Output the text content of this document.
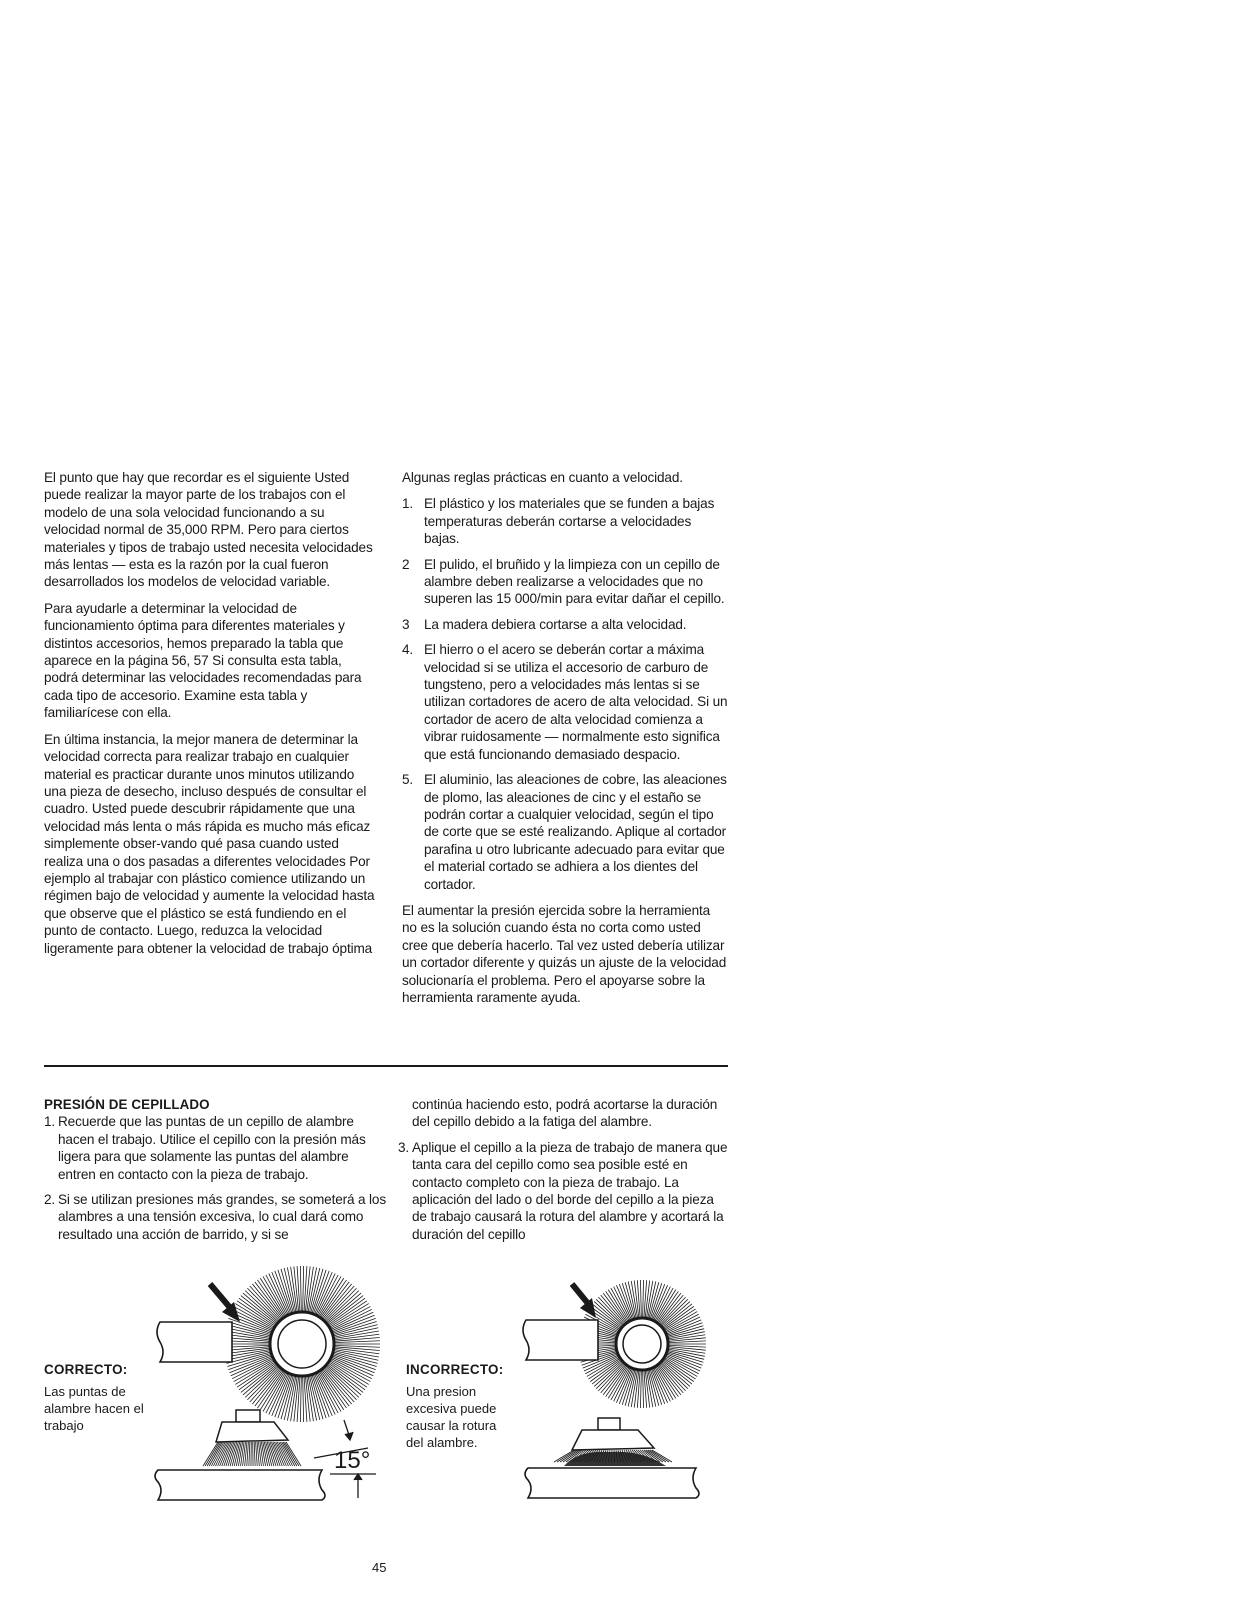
El punto que hay que recordar es el siguiente Usted puede realizar la mayor parte de los trabajos con el modelo de una sola velocidad funcionando a su velocidad normal de 35,000 RPM. Pero para ciertos materiales y tipos de trabajo usted necesita velocidades más lentas — esta es la razón por la cual fueron desarrollados los modelos de velocidad variable.

Para ayudarle a determinar la velocidad de funcionamiento óptima para diferentes materiales y distintos accesorios, hemos preparado la tabla que aparece en la página 56, 57 Si consulta esta tabla, podrá determinar las velocidades recomendadas para cada tipo de accesorio. Examine esta tabla y familiarícese con ella.

En última instancia, la mejor manera de determinar la velocidad correcta para realizar trabajo en cualquier material es practicar durante unos minutos utilizando una pieza de desecho, incluso después de consultar el cuadro. Usted puede descubrir rápidamente que una velocidad más lenta o más rápida es mucho más eficaz simplemente obser-vando qué pasa cuando usted realiza una o dos pasadas a diferentes velocidades Por ejemplo al trabajar con plástico comience utilizando un régimen bajo de velocidad y aumente la velocidad hasta que observe que el plástico se está fundiendo en el punto de contacto. Luego, reduzca la velocidad ligeramente para obtener la velocidad de trabajo óptima

Algunas reglas prácticas en cuanto a velocidad.

1. El plástico y los materiales que se funden a bajas temperaturas deberán cortarse a velocidades bajas.
2 El pulido, el bruñido y la limpieza con un cepillo de alambre deben realizarse a velocidades que no superen las 15 000/min para evitar dañar el cepillo.
3 La madera debiera cortarse a alta velocidad.
4. El hierro o el acero se deberán cortar a máxima velocidad si se utiliza el accesorio de carburo de tungsteno, pero a velocidades más lentas si se utilizan cortadores de acero de alta velocidad. Si un cortador de acero de alta velocidad comienza a vibrar ruidosamente — normalmente esto significa que está funcionando demasiado despacio.
5. El aluminio, las aleaciones de cobre, las aleaciones de plomo, las aleaciones de cinc y el estaño se podrán cortar a cualquier velocidad, según el tipo de corte que se esté realizando. Aplique al cortador parafina u otro lubricante adecuado para evitar que el material cortado se adhiera a los dientes del cortador.

El aumentar la presión ejercida sobre la herramienta no es la solución cuando ésta no corta como usted cree que debería hacerlo. Tal vez usted debería utilizar un cortador diferente y quizás un ajuste de la velocidad solucionaría el problema. Pero el apoyarse sobre la herramienta raramente ayuda.

PRESIÓN DE CEPILLADO

1. Recuerde que las puntas de un cepillo de alambre hacen el trabajo. Utilice el cepillo con la presión más ligera para que solamente las puntas del alambre entren en contacto con la pieza de trabajo.
2. Si se utilizan presiones más grandes, se someterá a los alambres a una tensión excesiva, lo cual dará como resultado una acción de barrido, y si se

continúa haciendo esto, podrá acortarse la duración del cepillo debido a la fatiga del alambre.

3. Aplique el cepillo a la pieza de trabajo de manera que tanta cara del cepillo como sea posible esté en contacto completo con la pieza de trabajo. La aplicación del lado o del borde del cepillo a la pieza de trabajo causará la rotura del alambre y acortará la duración del cepillo
CORRECTO:
Las puntas de alambre hacen el trabajo
15°
INCORRECTO:
Una presion excesiva puede causar la rotura del alambre.
45
